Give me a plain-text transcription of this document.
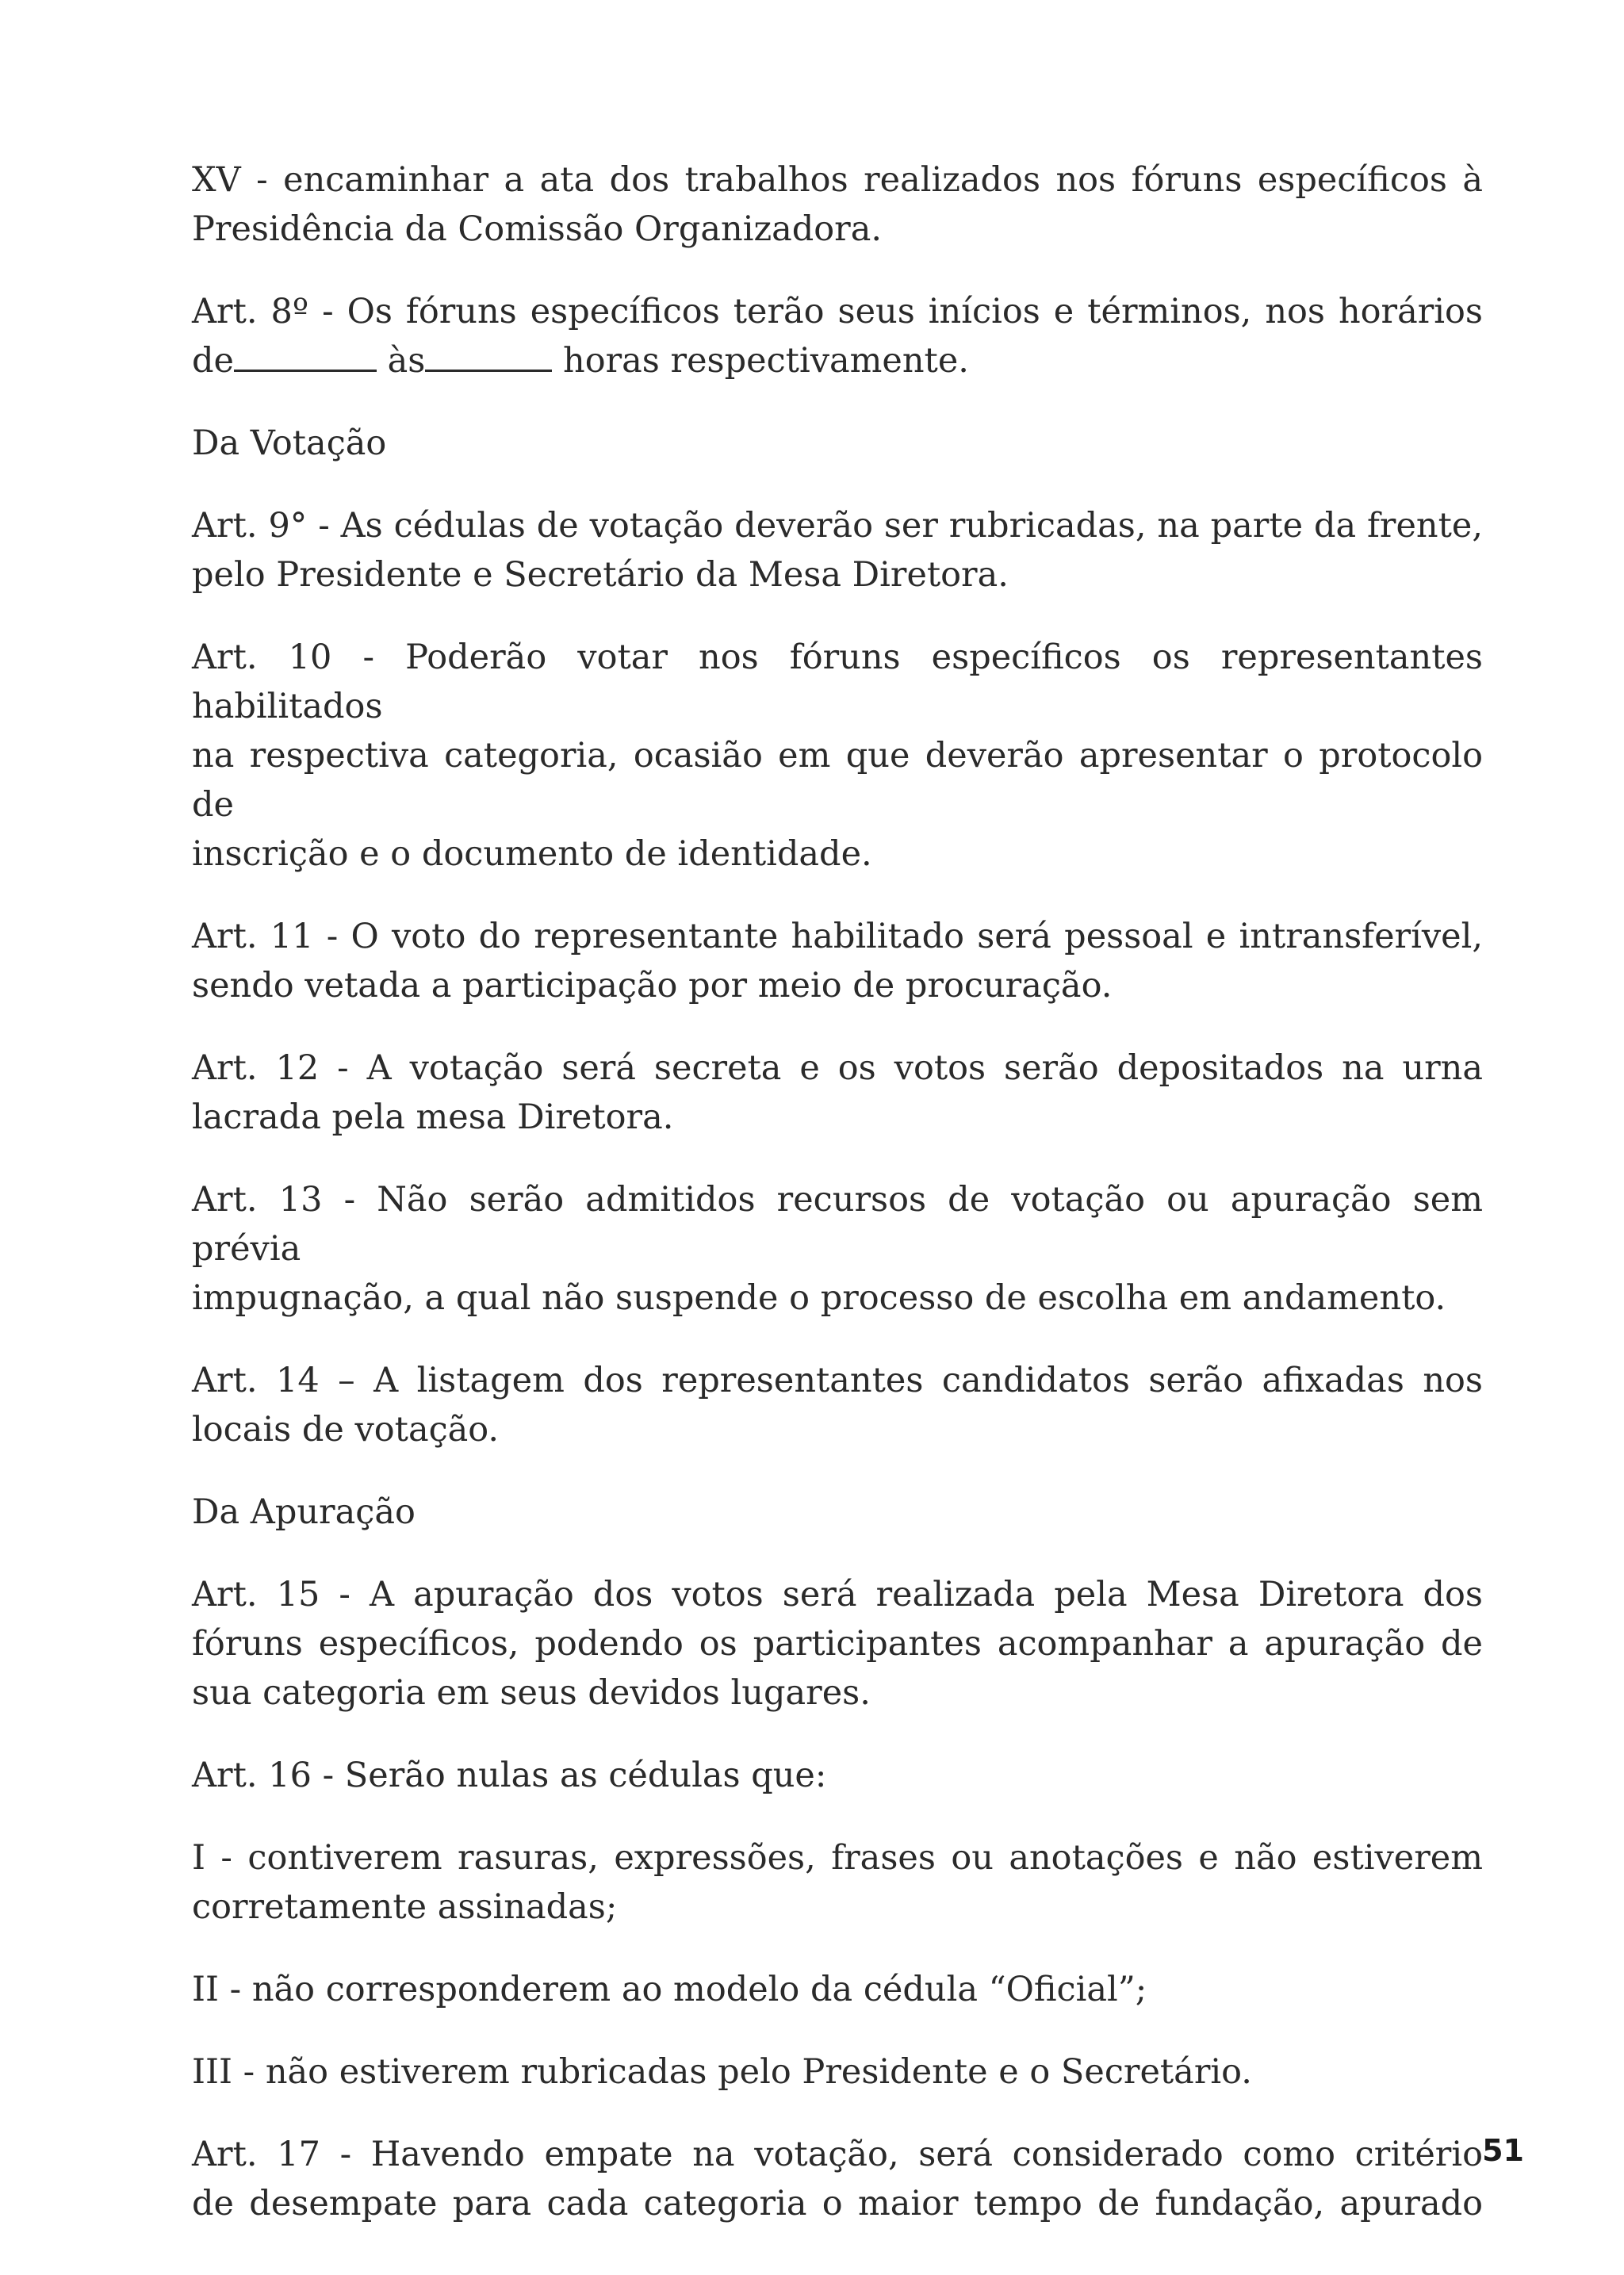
XV - encaminhar a ata dos trabalhos realizados nos fóruns específicos à
Presidência da Comissão Organizadora.

Art. 8º - Os fóruns específicos terão seus inícios e términos, nos horários
de	às	horas respectivamente.

Da Votação

Art. 9° - As cédulas de votação deverão ser rubricadas, na parte da frente,
pelo Presidente e Secretário da Mesa Diretora.

Art. 10 - Poderão votar nos fóruns específicos os representantes habilitados
na respectiva categoria, ocasião em que deverão apresentar o protocolo de
inscrição e o documento de identidade.

Art. 11 - O voto do representante habilitado será pessoal e intransferível,
sendo vetada a participação por meio de procuração.

Art. 12 - A votação será secreta e os votos serão depositados na urna
lacrada pela mesa Diretora.

Art. 13 - Não serão admitidos recursos de votação ou apuração sem prévia
impugnação, a qual não suspende o processo de escolha em andamento.

Art. 14 – A listagem dos representantes candidatos serão afixadas nos
locais de votação.

Da Apuração

Art. 15 - A apuração dos votos será realizada pela Mesa Diretora dos
fóruns específicos, podendo os participantes acompanhar a apuração de
sua categoria em seus devidos lugares.

Art. 16 - Serão nulas as cédulas que:

I - contiverem rasuras, expressões, frases ou anotações e não estiverem
corretamente assinadas;

II - não corresponderem ao modelo da cédula “Oficial”;

III - não estiverem rubricadas pelo Presidente e o Secretário.

Art. 17 - Havendo empate na votação, será considerado como critério
de desempate para cada categoria o maior tempo de fundação, apurado

51
